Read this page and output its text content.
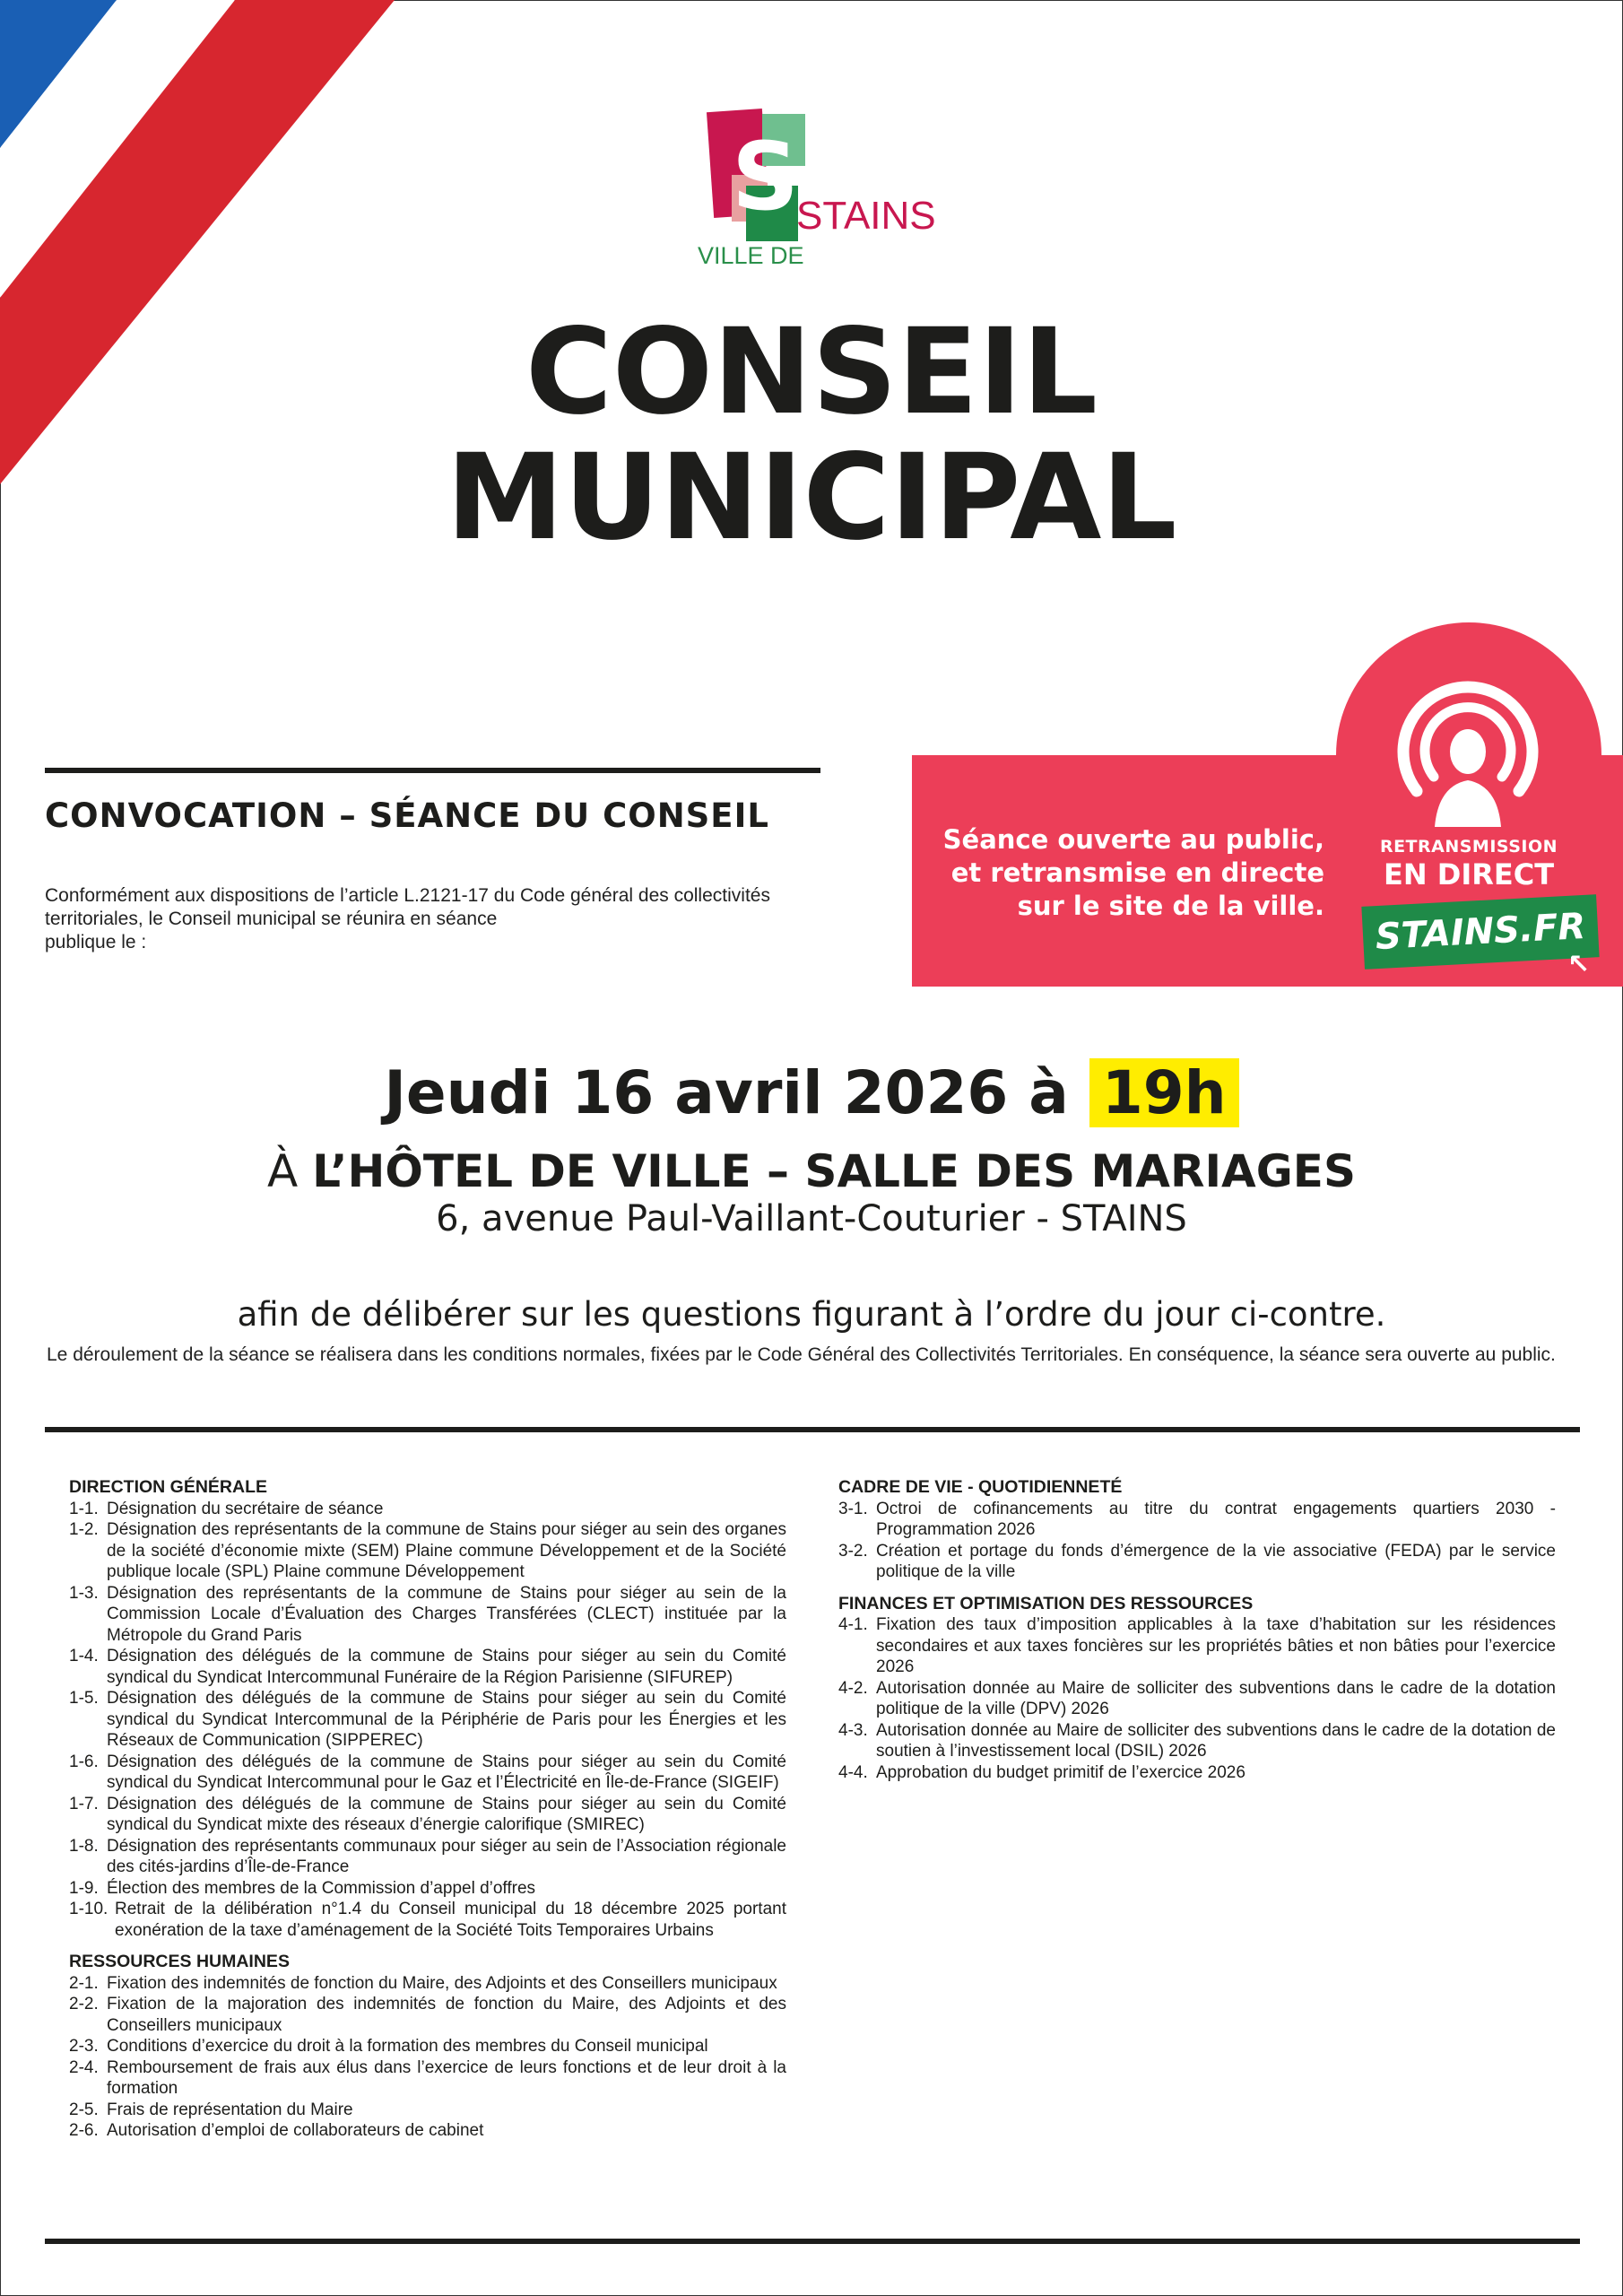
S
STAINS
VILLE DE
CONSEIL
MUNICIPAL
CONVOCATION – SÉANCE DU CONSEIL
Conformément aux dispositions de l’article L.2121-17 du Code général des collectivités
territoriales, le Conseil municipal se réunira en séance
publique le :
Séance ouverte au public,
et retransmise en directe
sur le site de la ville.
RETRANSMISSION
EN DIRECT
STAINS.FR
↖
Jeudi 16 avril 2026 à 19h
À L’HÔTEL DE VILLE – SALLE DES MARIAGES
6, avenue Paul-Vaillant-Couturier - STAINS
afin de délibérer sur les questions figurant à l’ordre du jour ci-contre.
Le déroulement de la séance se réalisera dans les conditions normales, fixées par le Code Général des Collectivités Territoriales. En conséquence, la séance sera ouverte au public.
DIRECTION GÉNÉRALE
1-1. Désignation du secrétaire de séance
1-2. Désignation des représentants de la commune de Stains pour siéger au sein des organes de la société d’économie mixte (SEM) Plaine commune Développement et de la Société publique locale (SPL) Plaine commune Développement
1-3. Désignation des représentants de la commune de Stains pour siéger au sein de la Commission Locale d’Évaluation des Charges Transférées (CLECT) instituée par la Métropole du Grand Paris
1-4. Désignation des délégués de la commune de Stains pour siéger au sein du Comité syndical du Syndicat Intercommunal Funéraire de la Région Parisienne (SIFUREP)
1-5. Désignation des délégués de la commune de Stains pour siéger au sein du Comité syndical du Syndicat Intercommunal de la Périphérie de Paris pour les Énergies et les Réseaux de Communication (SIPPEREC)
1-6. Désignation des délégués de la commune de Stains pour siéger au sein du Comité syndical du Syndicat Intercommunal pour le Gaz et l’Électricité en Île-de-France (SIGEIF)
1-7. Désignation des délégués de la commune de Stains pour siéger au sein du Comité syndical du Syndicat mixte des réseaux d’énergie calorifique (SMIREC)
1-8. Désignation des représentants communaux pour siéger au sein de l’Association régionale des cités-jardins d’Île-de-France
1-9. Élection des membres de la Commission d’appel d’offres
1-10. Retrait de la délibération n°1.4 du Conseil municipal du 18 décembre 2025 portant exonération de la taxe d’aménagement de la Société Toits Temporaires Urbains
RESSOURCES HUMAINES
2-1. Fixation des indemnités de fonction du Maire, des Adjoints et des Conseillers municipaux
2-2. Fixation de la majoration des indemnités de fonction du Maire, des Adjoints et des Conseillers municipaux
2-3. Conditions d’exercice du droit à la formation des membres du Conseil municipal
2-4. Remboursement de frais aux élus dans l’exercice de leurs fonctions et de leur droit à la formation
2-5. Frais de représentation du Maire
2-6. Autorisation d’emploi de collaborateurs de cabinet
CADRE DE VIE - QUOTIDIENNETÉ
3-1. Octroi de cofinancements au titre du contrat engagements quartiers 2030 - Programmation 2026
3-2. Création et portage du fonds d’émergence de la vie associative (FEDA) par le service politique de la ville
FINANCES ET OPTIMISATION DES RESSOURCES
4-1. Fixation des taux d’imposition applicables à la taxe d’habitation sur les résidences secondaires et aux taxes foncières sur les propriétés bâties et non bâties pour l’exercice 2026
4-2. Autorisation donnée au Maire de solliciter des subventions dans le cadre de la dotation politique de la ville (DPV) 2026
4-3. Autorisation donnée au Maire de solliciter des subventions dans le cadre de la dotation de soutien à l’investissement local (DSIL) 2026
4-4. Approbation du budget primitif de l’exercice 2026
